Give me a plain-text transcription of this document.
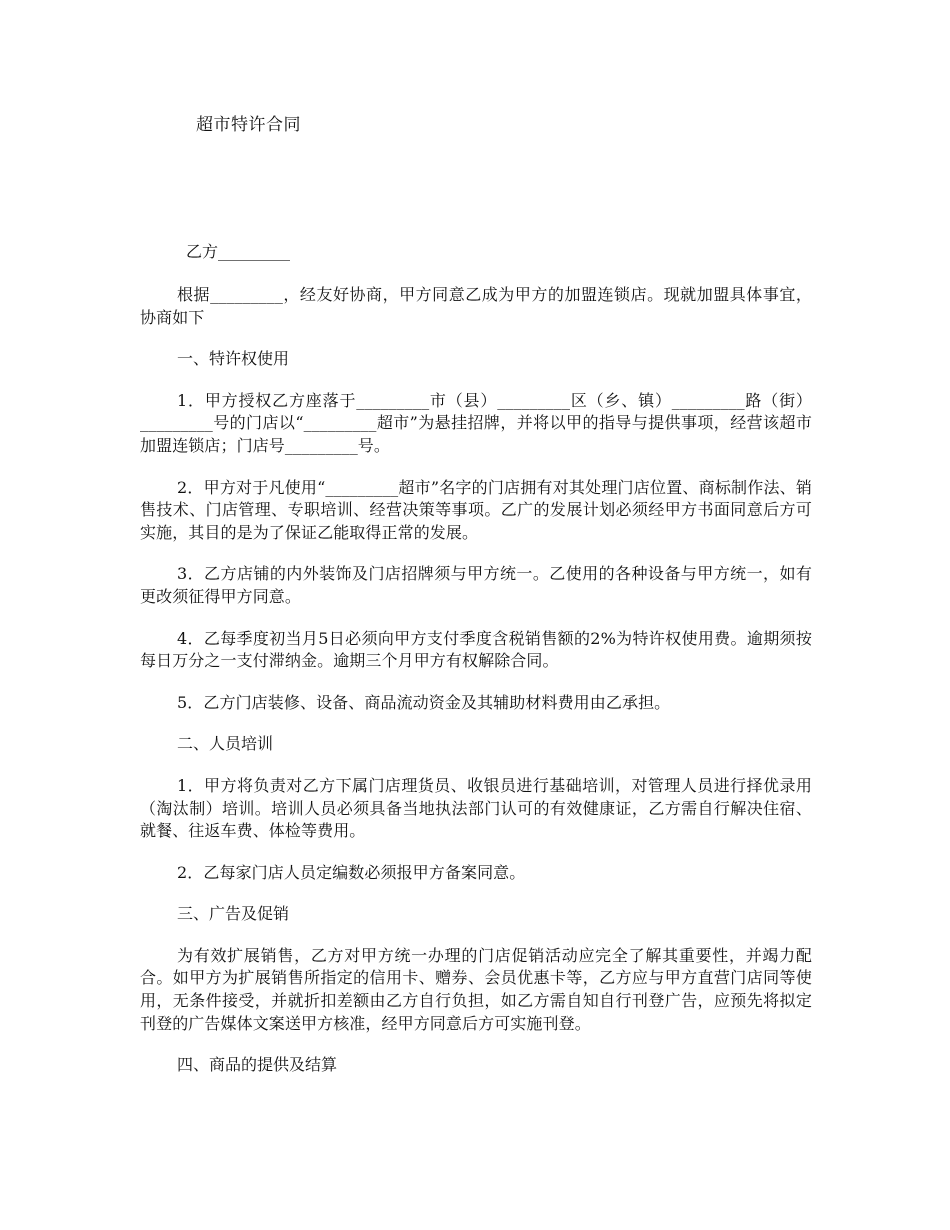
超市特许合同
乙方_________

根据_________，经友好协商，甲方同意乙成为甲方的加盟连锁店。现就加盟具体事宜，协商如下

一、特许权使用

1．甲方授权乙方座落于_________市（县）_________区（乡、镇）_________路（街）_________号的门店以“_________超市”为悬挂招牌，并将以甲的指导与提供事项，经营该超市加盟连锁店；门店号_________号。

2．甲方对于凡使用“_________超市”名字的门店拥有对其处理门店位置、商标制作法、销售技术、门店管理、专职培训、经营决策等事项。乙广的发展计划必须经甲方书面同意后方可实施，其目的是为了保证乙能取得正常的发展。

3．乙方店铺的内外装饰及门店招牌须与甲方统一。乙使用的各种设备与甲方统一，如有更改须征得甲方同意。

4．乙每季度初当月5日必须向甲方支付季度含税销售额的2%为特许权使用费。逾期须按每日万分之一支付滞纳金。逾期三个月甲方有权解除合同。

5．乙方门店装修、设备、商品流动资金及其辅助材料费用由乙承担。

二、人员培训

1．甲方将负责对乙方下属门店理货员、收银员进行基础培训，对管理人员进行择优录用（淘汰制）培训。培训人员必须具备当地执法部门认可的有效健康证，乙方需自行解决住宿、就餐、往返车费、体检等费用。

2．乙每家门店人员定编数必须报甲方备案同意。

三、广告及促销

为有效扩展销售，乙方对甲方统一办理的门店促销活动应完全了解其重要性，并竭力配合。如甲方为扩展销售所指定的信用卡、赠券、会员优惠卡等，乙方应与甲方直营门店同等使用，无条件接受，并就折扣差额由乙方自行负担，如乙方需自知自行刊登广告，应预先将拟定刊登的广告媒体文案送甲方核准，经甲方同意后方可实施刊登。

四、商品的提供及结算
